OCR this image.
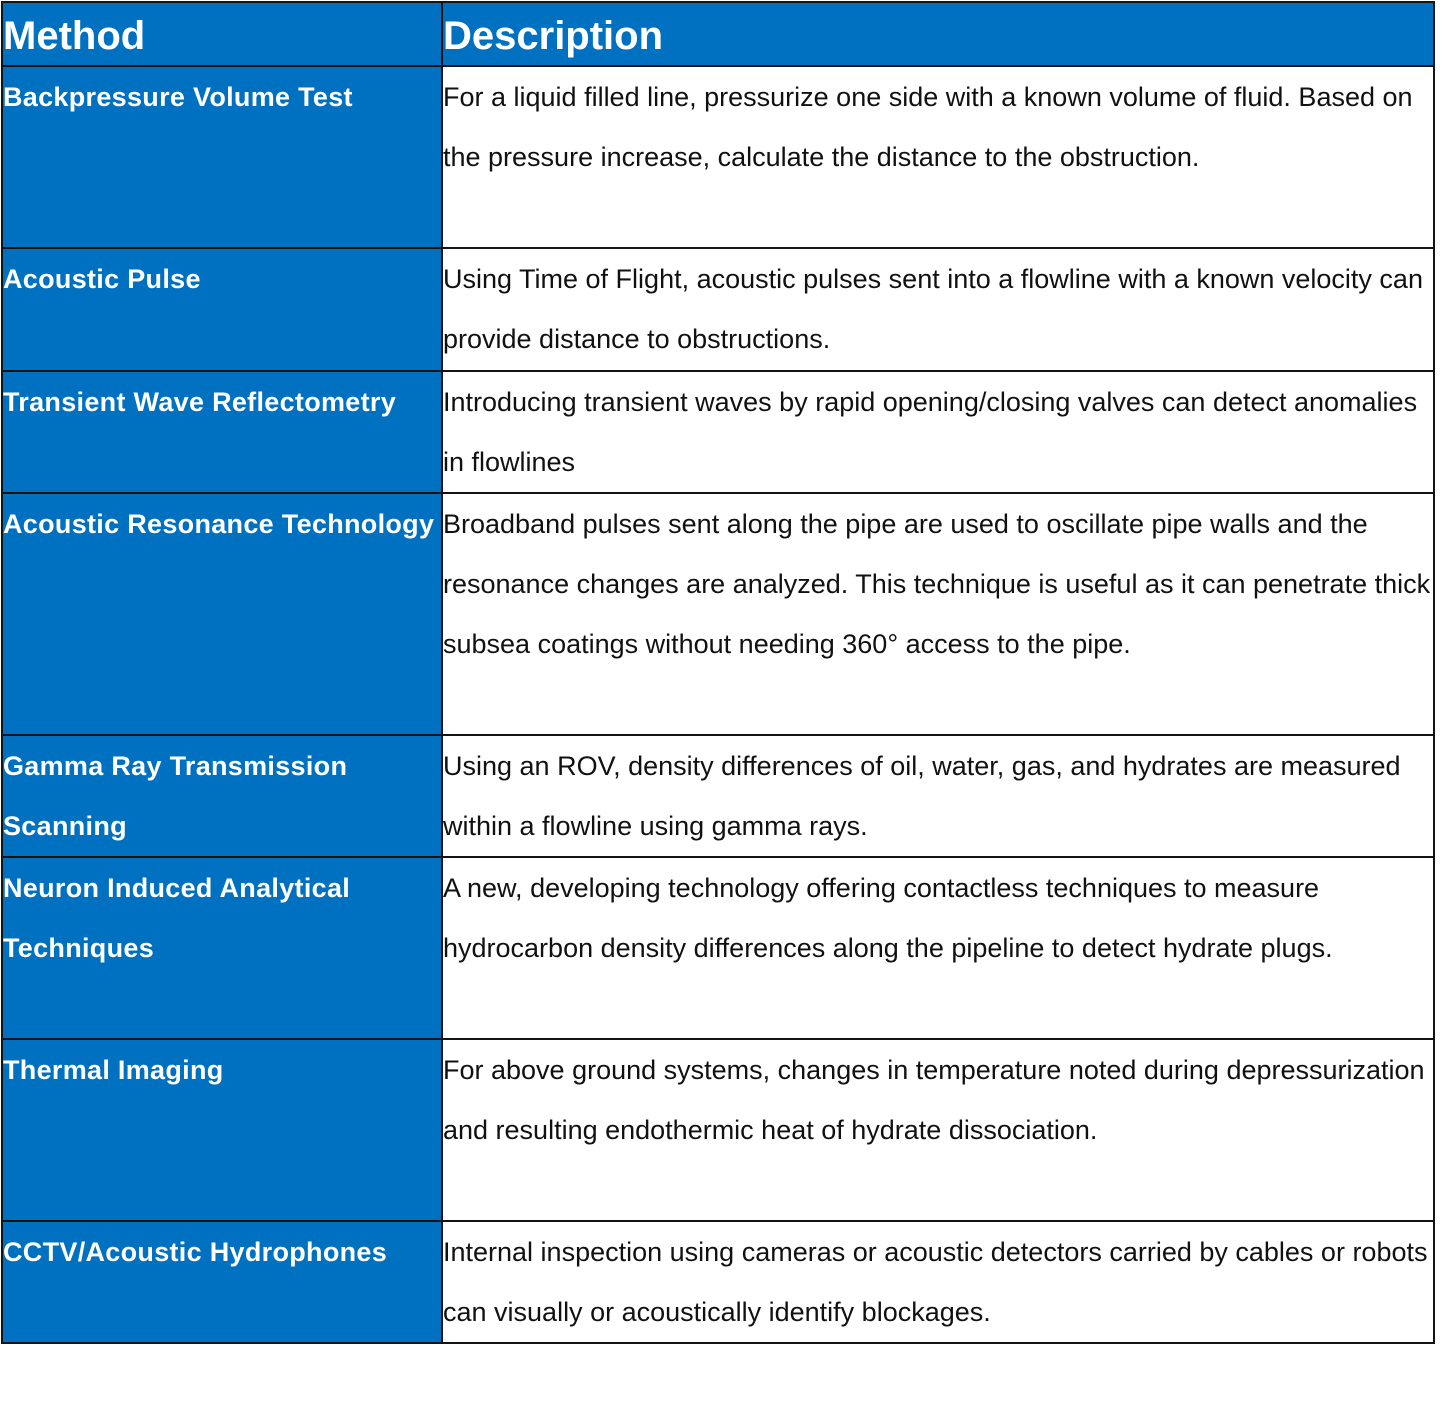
Method	Description
Backpressure Volume Test	For a liquid filled line, pressurize one side with a known volume of fluid. Based on the pressure increase, calculate the distance to the obstruction.
Acoustic Pulse	Using Time of Flight, acoustic pulses sent into a flowline with a known velocity can provide distance to obstructions.
Transient Wave Reflectometry	Introducing transient waves by rapid opening/closing valves can detect anomalies in flowlines
Acoustic Resonance Technology	Broadband pulses sent along the pipe are used to oscillate pipe walls and the resonance changes are analyzed. This technique is useful as it can penetrate thick subsea coatings without needing 360° access to the pipe.
Gamma Ray Transmission Scanning	Using an ROV, density differences of oil, water, gas, and hydrates are measured within a flowline using gamma rays.
Neuron Induced Analytical Techniques	A new, developing technology offering contactless techniques to measure hydrocarbon density differences along the pipeline to detect hydrate plugs.
Thermal Imaging	For above ground systems, changes in temperature noted during depressurization and resulting endothermic heat of hydrate dissociation.
CCTV/Acoustic Hydrophones	Internal inspection using cameras or acoustic detectors carried by cables or robots can visually or acoustically identify blockages.
